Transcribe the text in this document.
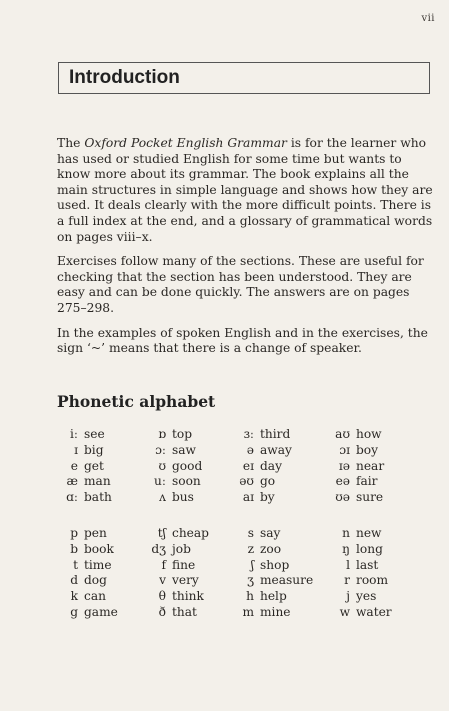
vii
Introduction

The Oxford Pocket English Grammar is for the learner who has used or studied English for some time but wants to know more about its grammar. The book explains all the main structures in simple language and shows how they are used. It deals clearly with the more difficult points. There is a full index at the end, and a glossary of grammatical words on pages viii–x.

Exercises follow many of the sections. These are useful for checking that the section has been understood. They are easy and can be done quickly. The answers are on pages 275–298.

In the examples of spoken English and in the exercises, the sign ‘~’ means that there is a change of speaker.

Phonetic alphabet
iː see	ɒ top	ɜː third	aʊ how
ɪ big	ɔː saw	ə away	ɔɪ boy
e get	ʊ good	eɪ day	ɪə near
æ man	uː soon	əʊ go	eə fair
ɑː bath	ʌ bus	aɪ by	ʊə sure
p pen	tʃ cheap	s say	n new
b book	dʒ job	z zoo	ŋ long
t time	f fine	ʃ shop	l last
d dog	v very	ʒ measure	r room
k can	θ think	h help	j yes
g game	ð that	m mine	w water
